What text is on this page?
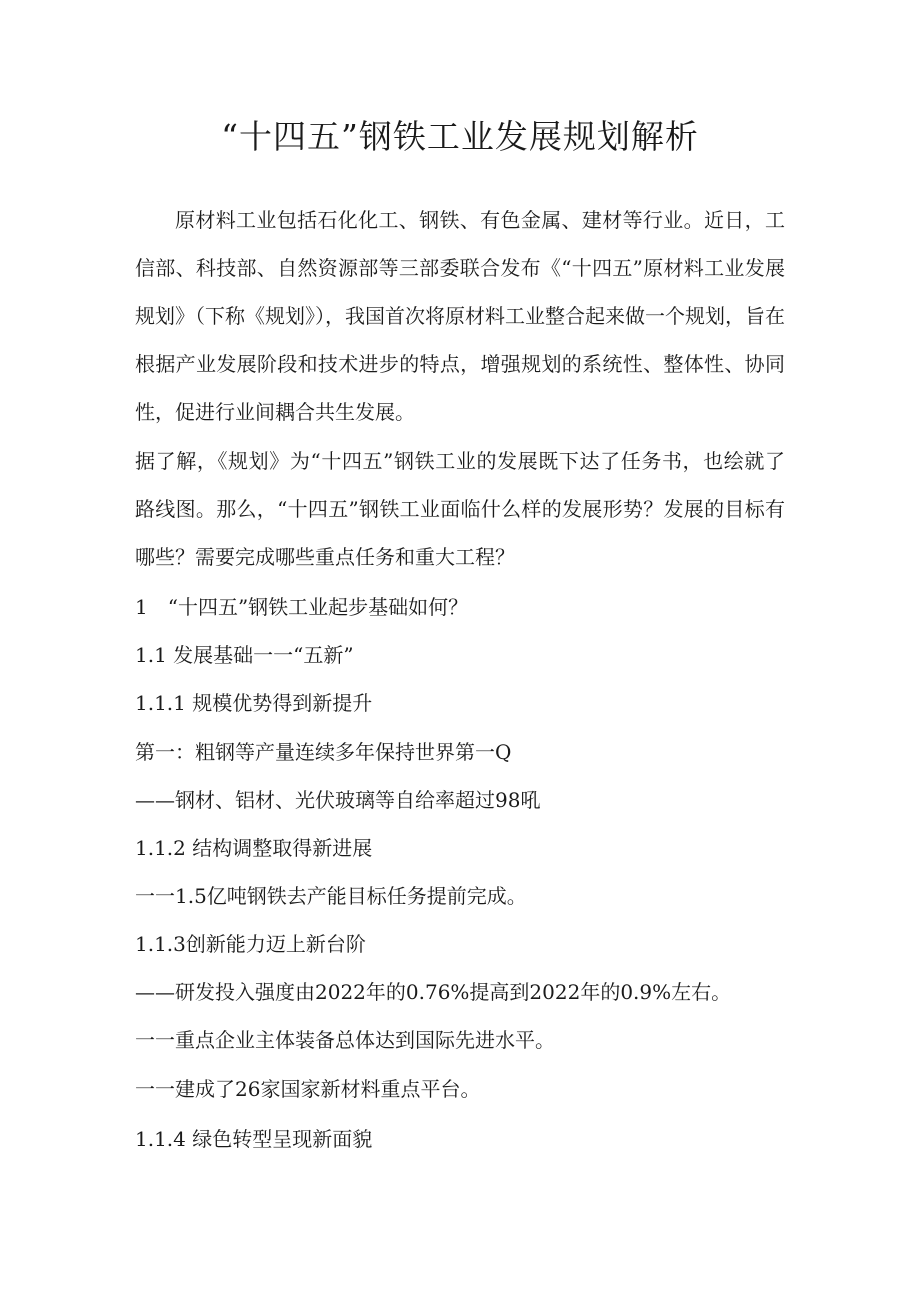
“十四五”钢铁工业发展规划解析

原材料工业包括石化化工、钢铁、有色金属、建材等行业。近日，工信部、科技部、自然资源部等三部委联合发布《“十四五”原材料工业发展规划》（下称《规划》），我国首次将原材料工业整合起来做一个规划，旨在根据产业发展阶段和技术进步的特点，增强规划的系统性、整体性、协同性，促进行业间耦合共生发展。

据了解，《规划》为“十四五”钢铁工业的发展既下达了任务书，也绘就了路线图。那么，“十四五”钢铁工业面临什么样的发展形势？发展的目标有哪些？需要完成哪些重点任务和重大工程？

1　“十四五”钢铁工业起步基础如何？

1.1 发展基础一一“五新”

1.1.1 规模优势得到新提升

第一：粗钢等产量连续多年保持世界第一Q

——钢材、铝材、光伏玻璃等自给率超过98吼

1.1.2 结构调整取得新进展

一一1.5亿吨钢铁去产能目标任务提前完成。

1.1.3创新能力迈上新台阶

——研发投入强度由2022年的0.76%提高到2022年的0.9%左右。

一一重点企业主体装备总体达到国际先进水平。

一一建成了26家国家新材料重点平台。

1.1.4 绿色转型呈现新面貌
